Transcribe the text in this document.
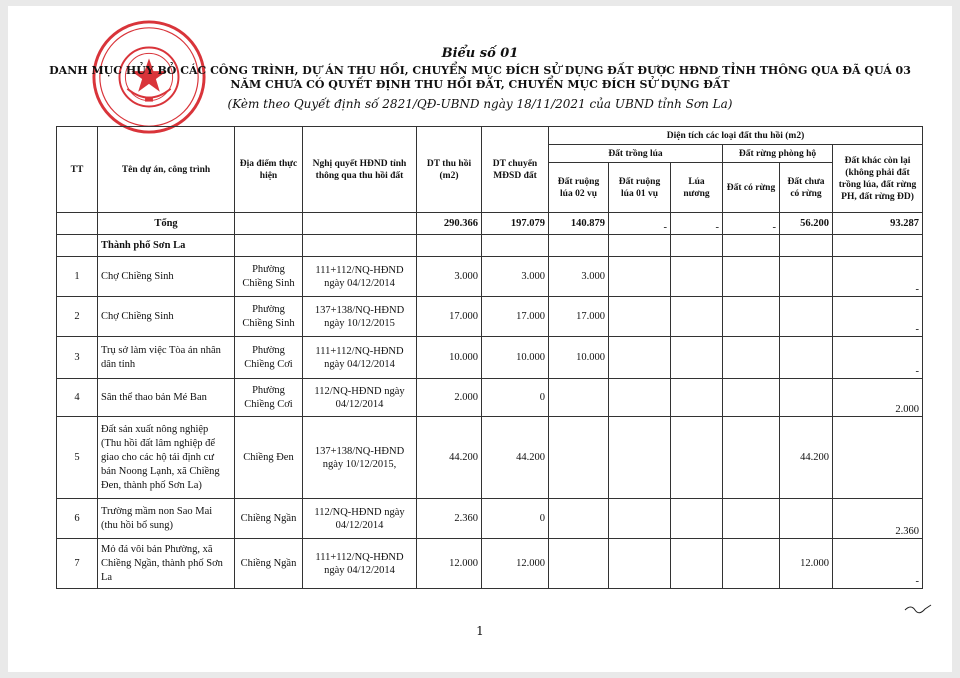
Biểu số 01
DANH MỤC HỦY BỎ CÁC CÔNG TRÌNH, DỰ ÁN THU HỒI, CHUYỂN MỤC ĐÍCH SỬ DỤNG ĐẤT ĐƯỢC HĐND TỈNH THÔNG QUA ĐÃ QUÁ 03 NĂM CHƯA CÓ QUYẾT ĐỊNH THU HỒI ĐẤT, CHUYỂN MỤC ĐÍCH SỬ DỤNG ĐẤT
(Kèm theo Quyết định số 2821/QĐ-UBND ngày 18/11/2021 của UBND tỉnh Sơn La)
TT	Tên dự án, công trình	Địa điểm thực hiện	Nghị quyết HĐND tỉnh thông qua thu hồi đất	DT thu hồi (m2)	DT chuyển MĐSD đất	Diện tích các loại đất thu hồi (m2)					
						Đất trồng lúa			Đất rừng phòng hộ		Đất khác còn lại (không phải đất trồng lúa, đất rừng PH, đất rừng ĐD)
						Đất ruộng lúa 02 vụ	Đất ruộng lúa 01 vụ	Lúa nương	Đất có rừng	Đất chưa có rừng	
	Tổng			290.366	197.079	140.879	-	-	-	56.200	93.287
	Thành phố Sơn La										
1	Chợ Chiềng Sinh	Phường Chiềng Sinh	111+112/NQ-HĐND ngày 04/12/2014	3.000	3.000	3.000					-
2	Chợ Chiềng Sinh	Phường Chiềng Sinh	137+138/NQ-HĐND ngày 10/12/2015	17.000	17.000	17.000					-
3	Trụ sở làm việc Tòa án nhân dân tỉnh	Phường Chiềng Cơi	111+112/NQ-HĐND ngày 04/12/2014	10.000	10.000	10.000					-
4	Sân thể thao bản Mé Ban	Phường Chiềng Cơi	112/NQ-HĐND ngày 04/12/2014	2.000	0						2.000
5	Đất sản xuất nông nghiệp (Thu hồi đất lâm nghiệp để giao cho các hộ tái định cư bản Noong Lạnh, xã Chiềng Đen, thành phố Sơn La)	Chiềng Đen	137+138/NQ-HĐND ngày 10/12/2015,	44.200	44.200					44.200	
6	Trường mầm non Sao Mai (thu hồi bổ sung)	Chiềng Ngần	112/NQ-HĐND ngày 04/12/2014	2.360	0						2.360
7	Mỏ đá vôi bản Phường, xã Chiềng Ngần, thành phố Sơn La	Chiềng Ngần	111+112/NQ-HĐND ngày 04/12/2014	12.000	12.000					12.000	-
1
